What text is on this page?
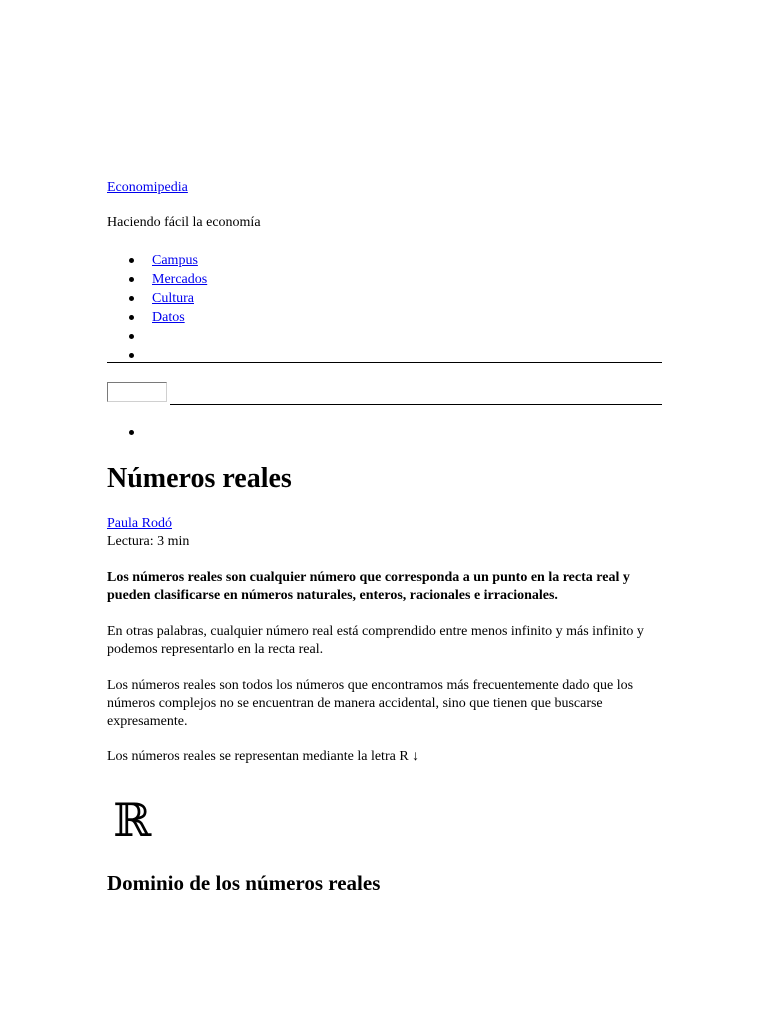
Economipedia

Haciendo fácil la economía

Campus
Mercados
Cultura
Datos
Números reales
Paula Rodó

Lectura: 3 min

Los números reales son cualquier número que corresponda a un punto en la recta real y pueden clasificarse en números naturales, enteros, racionales e irracionales.

En otras palabras, cualquier número real está comprendido entre menos infinito y más infinito y podemos representarlo en la recta real.

Los números reales son todos los números que encontramos más frecuentemente dado que los números complejos no se encuentran de manera accidental, sino que tienen que buscarse expresamente.

Los números reales se representan mediante la letra R ↓

ℝ
Dominio de los números reales
